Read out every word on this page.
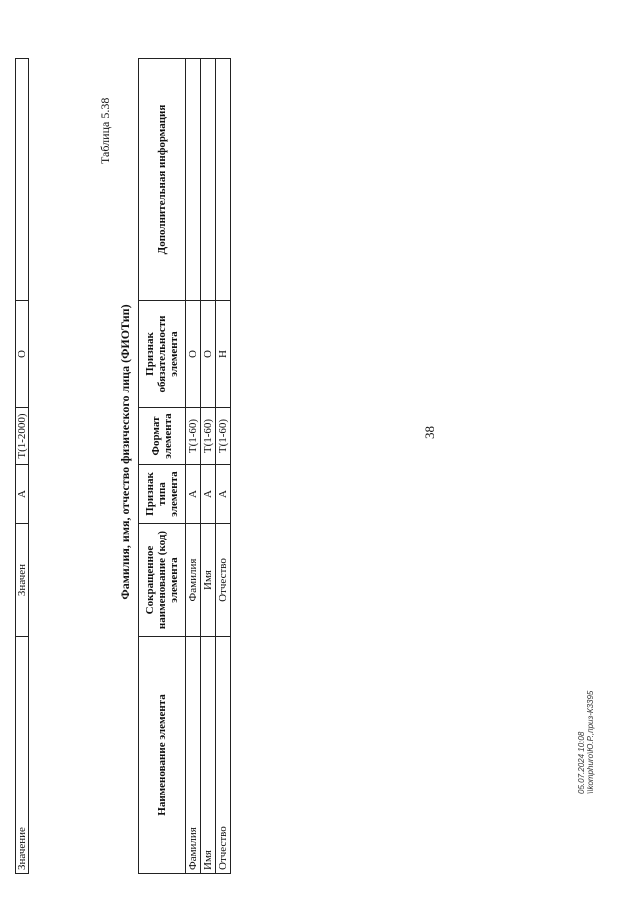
38
Значение	Значен	А	Т(1-2000)	О	
Таблица 5.38
Фамилия, имя, отчество физического лица (ФИОТип)
Наименование элемента	Сокращенное наименование (код) элемента	Признак типа элемента	Формат элемента	Признак обязательности элемента	Дополнительная информация
Фамилия	Фамилия	А	Т(1-60)	О	
Имя	Имя	А	Т(1-60)	О	
Отчество	Отчество	А	Т(1-60)	Н	
05.07.2024 10:08 \\komphuro\Ю.Р.,приз-К3395
